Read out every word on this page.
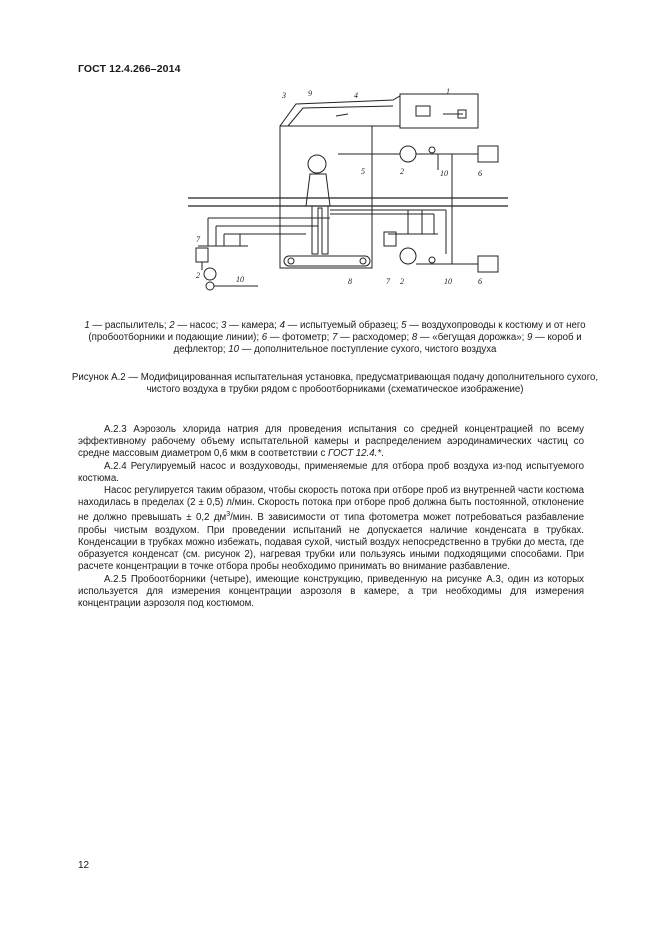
ГОСТ 12.4.266–2014
3	9	4	1
5	2	10	6
7
2	10	8	7 2	10	6
1 — распылитель; 2 — насос; 3 — камера; 4 — испытуемый образец; 5 — воздухопроводы к костюму и от него (пробоотборники и подающие линии); 6 — фотометр; 7 — расходомер; 8 — «бегущая дорожка»; 9 — короб и дефлектор; 10 — дополнительное поступление сухого, чистого воздуха
Рисунок А.2 — Модифицированная испытательная установка, предусматривающая подачу дополнительного сухого, чистого воздуха в трубки рядом с пробоотборниками (схематическое изображение)

А.2.3 Аэрозоль хлорида натрия для проведения испытания со средней концентрацией по всему эффективному рабочему объему испытательной камеры и распределением аэродинамических частиц со средне массовым диаметром 0,6 мкм в соответствии с ГОСТ 12.4.*.

А.2.4 Регулируемый насос и воздуховоды, применяемые для отбора проб воздуха из-под испытуемого костюма.

Насос регулируется таким образом, чтобы скорость потока при отборе проб из внутренней части костюма находилась в пределах (2 ± 0,5) л/мин. Скорость потока при отборе проб должна быть постоянной, отклонение не должно превышать ± 0,2 $дм^3$/мин. В зависимости от типа фотометра может потребоваться разбавление пробы чистым воздухом. При проведении испытаний не допускается наличие конденсата в трубках. Конденсации в трубках можно избежать, подавая сухой, чистый воздух непосредственно в трубки до места, где образуется конденсат (см. рисунок 2), нагревая трубки или пользуясь иными подходящими способами. При расчете концентрации в точке отбора пробы необходимо принимать во внимание разбавление.

А.2.5 Пробоотборники (четыре), имеющие конструкцию, приведенную на рисунке А.3, один из которых используется для измерения концентрации аэрозоля в камере, а три необходимы для измерения концентрации аэрозоля под костюмом.

12
